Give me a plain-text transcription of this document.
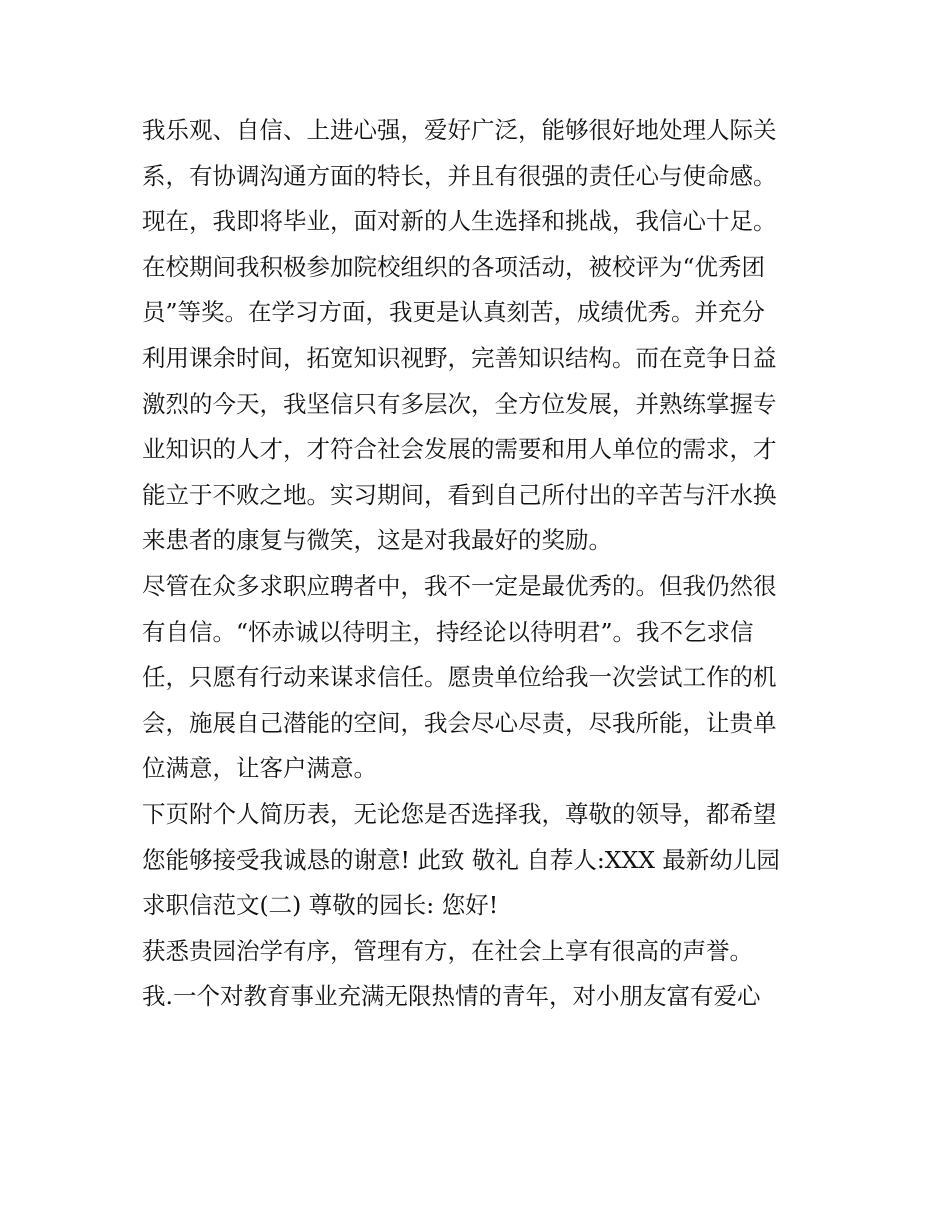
我乐观、自信、上进心强，爱好广泛，能够很好地处理人际关
系，有协调沟通方面的特长，并且有很强的责任心与使命感。
现在，我即将毕业，面对新的人生选择和挑战，我信心十足。
在校期间我积极参加院校组织的各项活动，被校评为“优秀团
员”等奖。在学习方面，我更是认真刻苦，成绩优秀。并充分
利用课余时间，拓宽知识视野，完善知识结构。而在竞争日益
激烈的今天，我坚信只有多层次，全方位发展，并熟练掌握专
业知识的人才，才符合社会发展的需要和用人单位的需求，才
能立于不败之地。实习期间，看到自己所付出的辛苦与汗水换
来患者的康复与微笑，这是对我最好的奖励。
尽管在众多求职应聘者中，我不一定是最优秀的。但我仍然很
有自信。“怀赤诚以待明主，持经论以待明君”。我不乞求信
任，只愿有行动来谋求信任。愿贵单位给我一次尝试工作的机
会，施展自己潜能的空间，我会尽心尽责，尽我所能，让贵单
位满意，让客户满意。
下页附个人简历表，无论您是否选择我，尊敬的领导，都希望
您能够接受我诚恳的谢意! 此致 敬礼 自荐人:XXX 最新幼儿园
求职信范文(二) 尊敬的园长: 您好!
获悉贵园治学有序，管理有方，在社会上享有很高的声誉。
我.一个对教育事业充满无限热情的青年，对小朋友富有爱心
